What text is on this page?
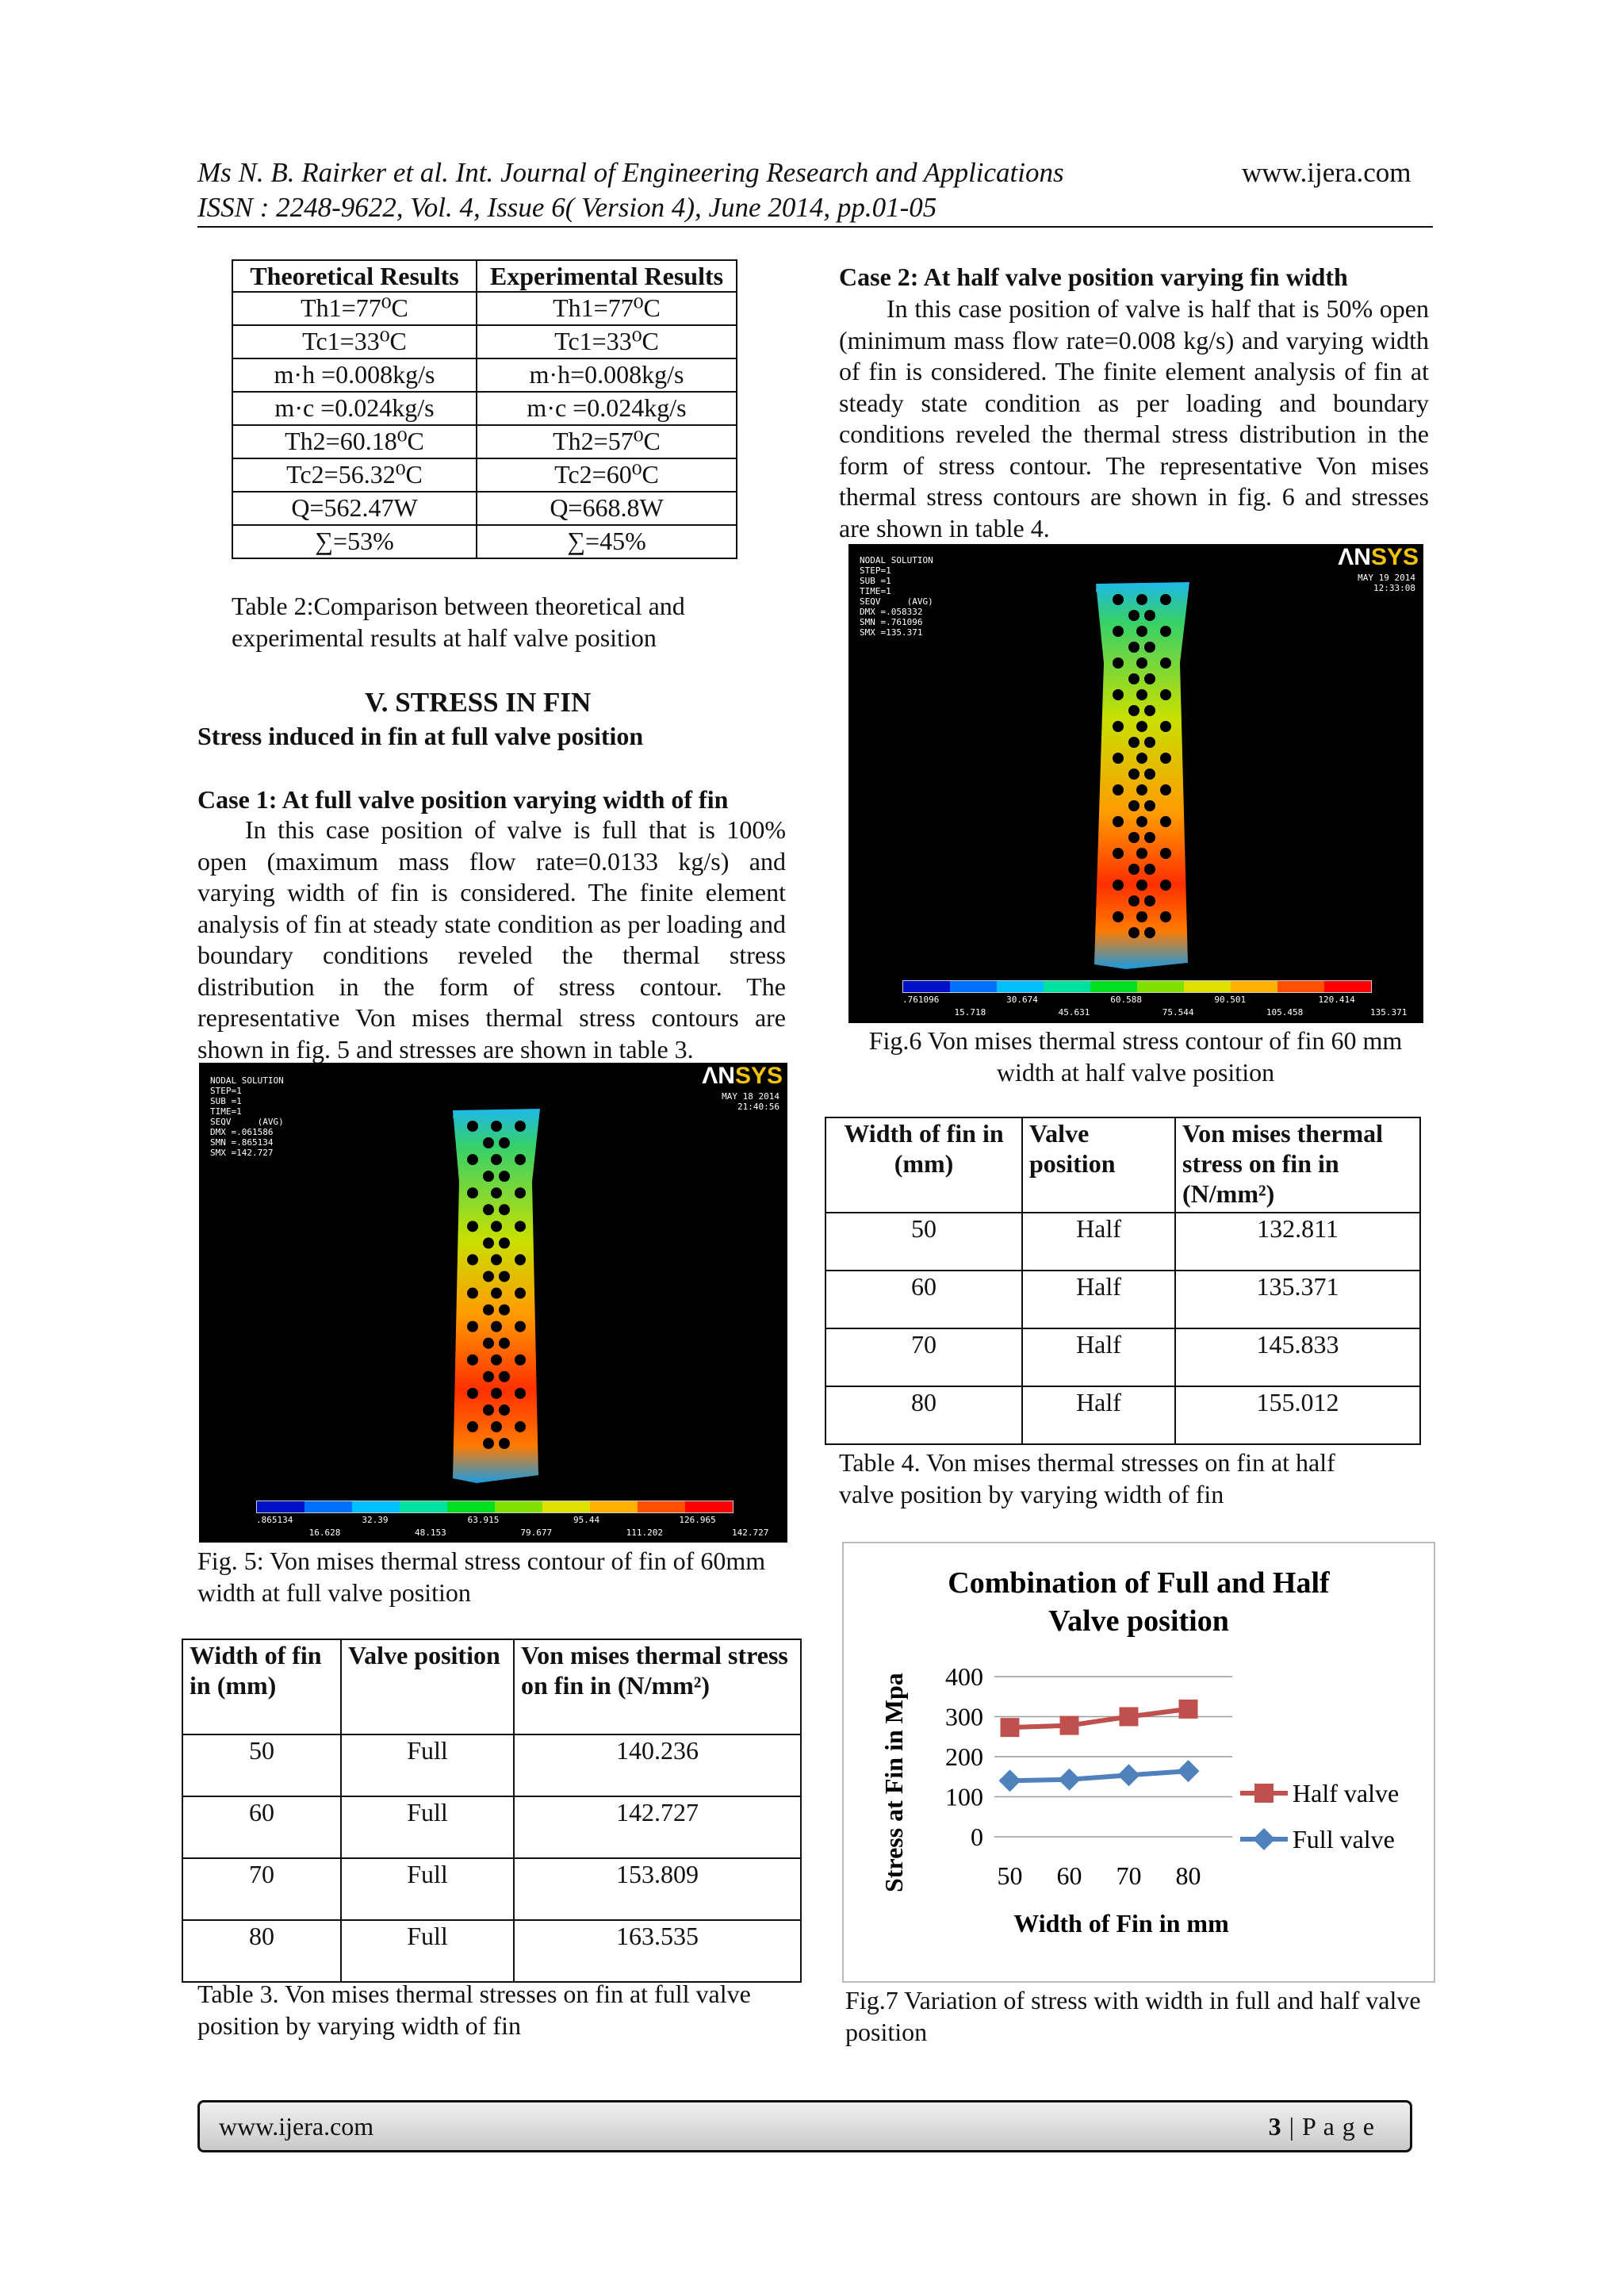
Ms N. B. Rairker et al. Int. Journal of Engineering Research and Applications	www.ijera.com
ISSN : 2248-9622, Vol. 4, Issue 6( Version 4), June 2014, pp.01-05
Theoretical Results	Experimental Results
Th1=77⁰C	Th1=77⁰C
Tc1=33⁰C	Tc1=33⁰C
m·h =0.008kg/s	m·h=0.008kg/s
m·c =0.024kg/s	m·c =0.024kg/s
Th2=60.18⁰C	Th2=57⁰C
Tc2=56.32⁰C	Tc2=60⁰C
Q=562.47W	Q=668.8W
∑=53%	∑=45%
Table 2:Comparison between theoretical and experimental results at half valve position
V. STRESS IN FIN
Stress induced in fin at full valve position
Case 1: At full valve position varying width of fin

In this case position of valve is full that is 100% open (maximum mass flow rate=0.0133 kg/s) and varying width of fin is considered. The finite element analysis of fin at steady state condition as per loading and boundary conditions reveled the thermal stress distribution in the form of stress contour. The representative Von mises thermal stress contours are shown in fig. 5 and stresses are shown in table 3.

NODAL SOLUTION
STEP=1
SUB =1
TIME=1
SEQV     (AVG)
DMX =.061586
SMN =.865134
SMX =142.727
ΛNSYS
MAY 18 2014
21:40:56
.865134	32.39	63.915	95.44	126.965
16.628	48.153	79.677	111.202	142.727
Fig. 5: Von mises thermal stress contour of fin of 60mm width at full valve position
Width of fin in (mm)	Valve position	Von mises thermal stress on fin in (N/mm²)
50	Full	140.236
60	Full	142.727
70	Full	153.809
80	Full	163.535
Table 3. Von mises thermal stresses on fin at full valve position by varying width of fin
Case 2: At half valve position varying fin width

In this case position of valve is half that is 50% open (minimum mass flow rate=0.008 kg/s) and varying width of fin is considered. The finite element analysis of fin at steady state condition as per loading and boundary conditions reveled the thermal stress distribution in the form of stress contour. The representative Von mises thermal stress contours are shown in fig. 6 and stresses are shown in table 4.

NODAL SOLUTION
STEP=1
SUB =1
TIME=1
SEQV     (AVG)
DMX =.058332
SMN =.761096
SMX =135.371
ΛNSYS
MAY 19 2014
12:33:08
.761096	30.674	60.588	90.501	120.414
15.718	45.631	75.544	105.458	135.371
Fig.6 Von mises thermal stress contour of fin 60 mm width at half valve position
Width of fin in (mm)	Valve position	Von mises thermal stress on fin in (N/mm²)
50	Half	132.811
60	Half	135.371
70	Half	145.833
80	Half	155.012
Table 4. Von mises thermal stresses on fin at half valve position by varying width of fin
Combination of Full and Half
Valve position
0
100
200
300
400
50 60 70 80
Width of Fin in mm
Stress at Fin in Mpa	Half valve
Full valve
Fig.7 Variation of stress with width in full and half valve position
www.ijera.com	3 | P a g e
